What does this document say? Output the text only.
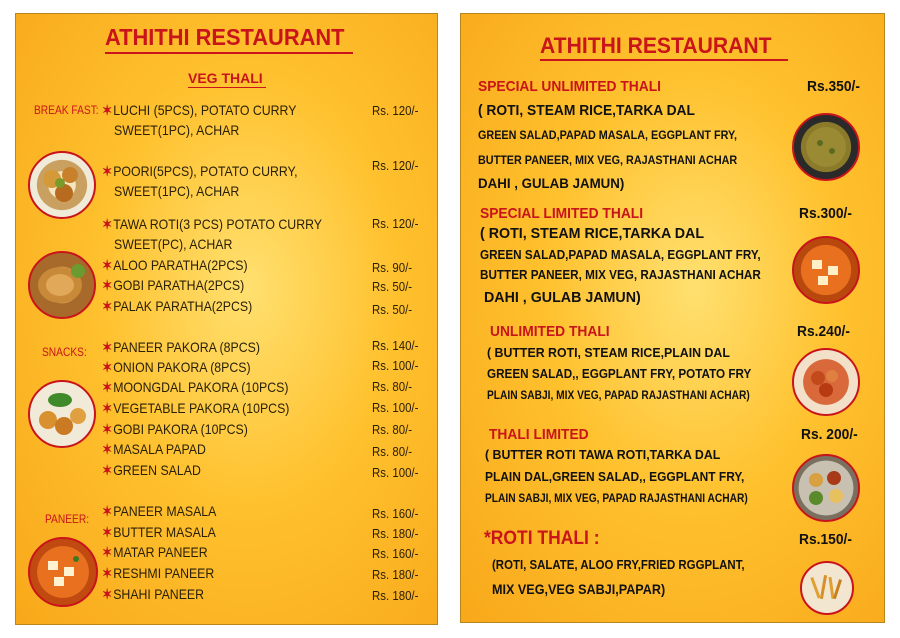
ATHITHI RESTAURANT
VEG THALI
BREAK FAST:
SNACKS:
PANEER:
✶LUCHI (5PCS), POTATO CURRY
SWEET(1PC), ACHAR
Rs. 120/-
✶POORI(5PCS), POTATO CURRY,
SWEET(1PC), ACHAR
Rs. 120/-
✶TAWA ROTI(3 PCS) POTATO CURRY
SWEET(PC), ACHAR
Rs. 120/-
✶ALOO PARATHA(2PCS)	Rs. 90/-
✶GOBI PARATHA(2PCS)	Rs. 50/-
✶PALAK PARATHA(2PCS)	Rs. 50/-
✶PANEER PAKORA (8PCS)	Rs. 140/-
✶ONION PAKORA (8PCS)	Rs. 100/-
✶MOONGDAL PAKORA (10PCS)	Rs. 80/-
✶VEGETABLE PAKORA (10PCS)	Rs. 100/-
✶GOBI PAKORA (10PCS)	Rs. 80/-
✶MASALA PAPAD	Rs. 80/-
✶GREEN SALAD	Rs. 100/-
✶PANEER MASALA	Rs. 160/-
✶BUTTER MASALA	Rs. 180/-
✶MATAR PANEER	Rs. 160/-
✶RESHMI PANEER	Rs. 180/-
✶SHAHI PANEER	Rs. 180/-
ATHITHI RESTAURANT
SPECIAL UNLIMITED THALI	Rs.350/-
( ROTI, STEAM RICE,TARKA DAL
GREEN SALAD,PAPAD MASALA, EGGPLANT FRY,
BUTTER PANEER, MIX VEG, RAJASTHANI ACHAR
DAHI , GULAB JAMUN)
SPECIAL LIMITED THALI	Rs.300/-
( ROTI, STEAM RICE,TARKA DAL
GREEN SALAD,PAPAD MASALA, EGGPLANT FRY,
BUTTER PANEER, MIX VEG, RAJASTHANI ACHAR
DAHI , GULAB JAMUN)
UNLIMITED THALI	Rs.240/-
( BUTTER ROTI, STEAM RICE,PLAIN DAL
GREEN SALAD,, EGGPLANT FRY, POTATO FRY
PLAIN SABJI, MIX VEG, PAPAD RAJASTHANI ACHAR)
THALI LIMITED	Rs. 200/-
( BUTTER ROTI TAWA ROTI,TARKA DAL
PLAIN DAL,GREEN SALAD,, EGGPLANT FRY,
PLAIN SABJI, MIX VEG, PAPAD RAJASTHANI ACHAR)
*ROTI THALI :	Rs.150/-
(ROTI, SALATE, ALOO FRY,FRIED RGGPLANT,
MIX VEG,VEG SABJI,PAPAR)
